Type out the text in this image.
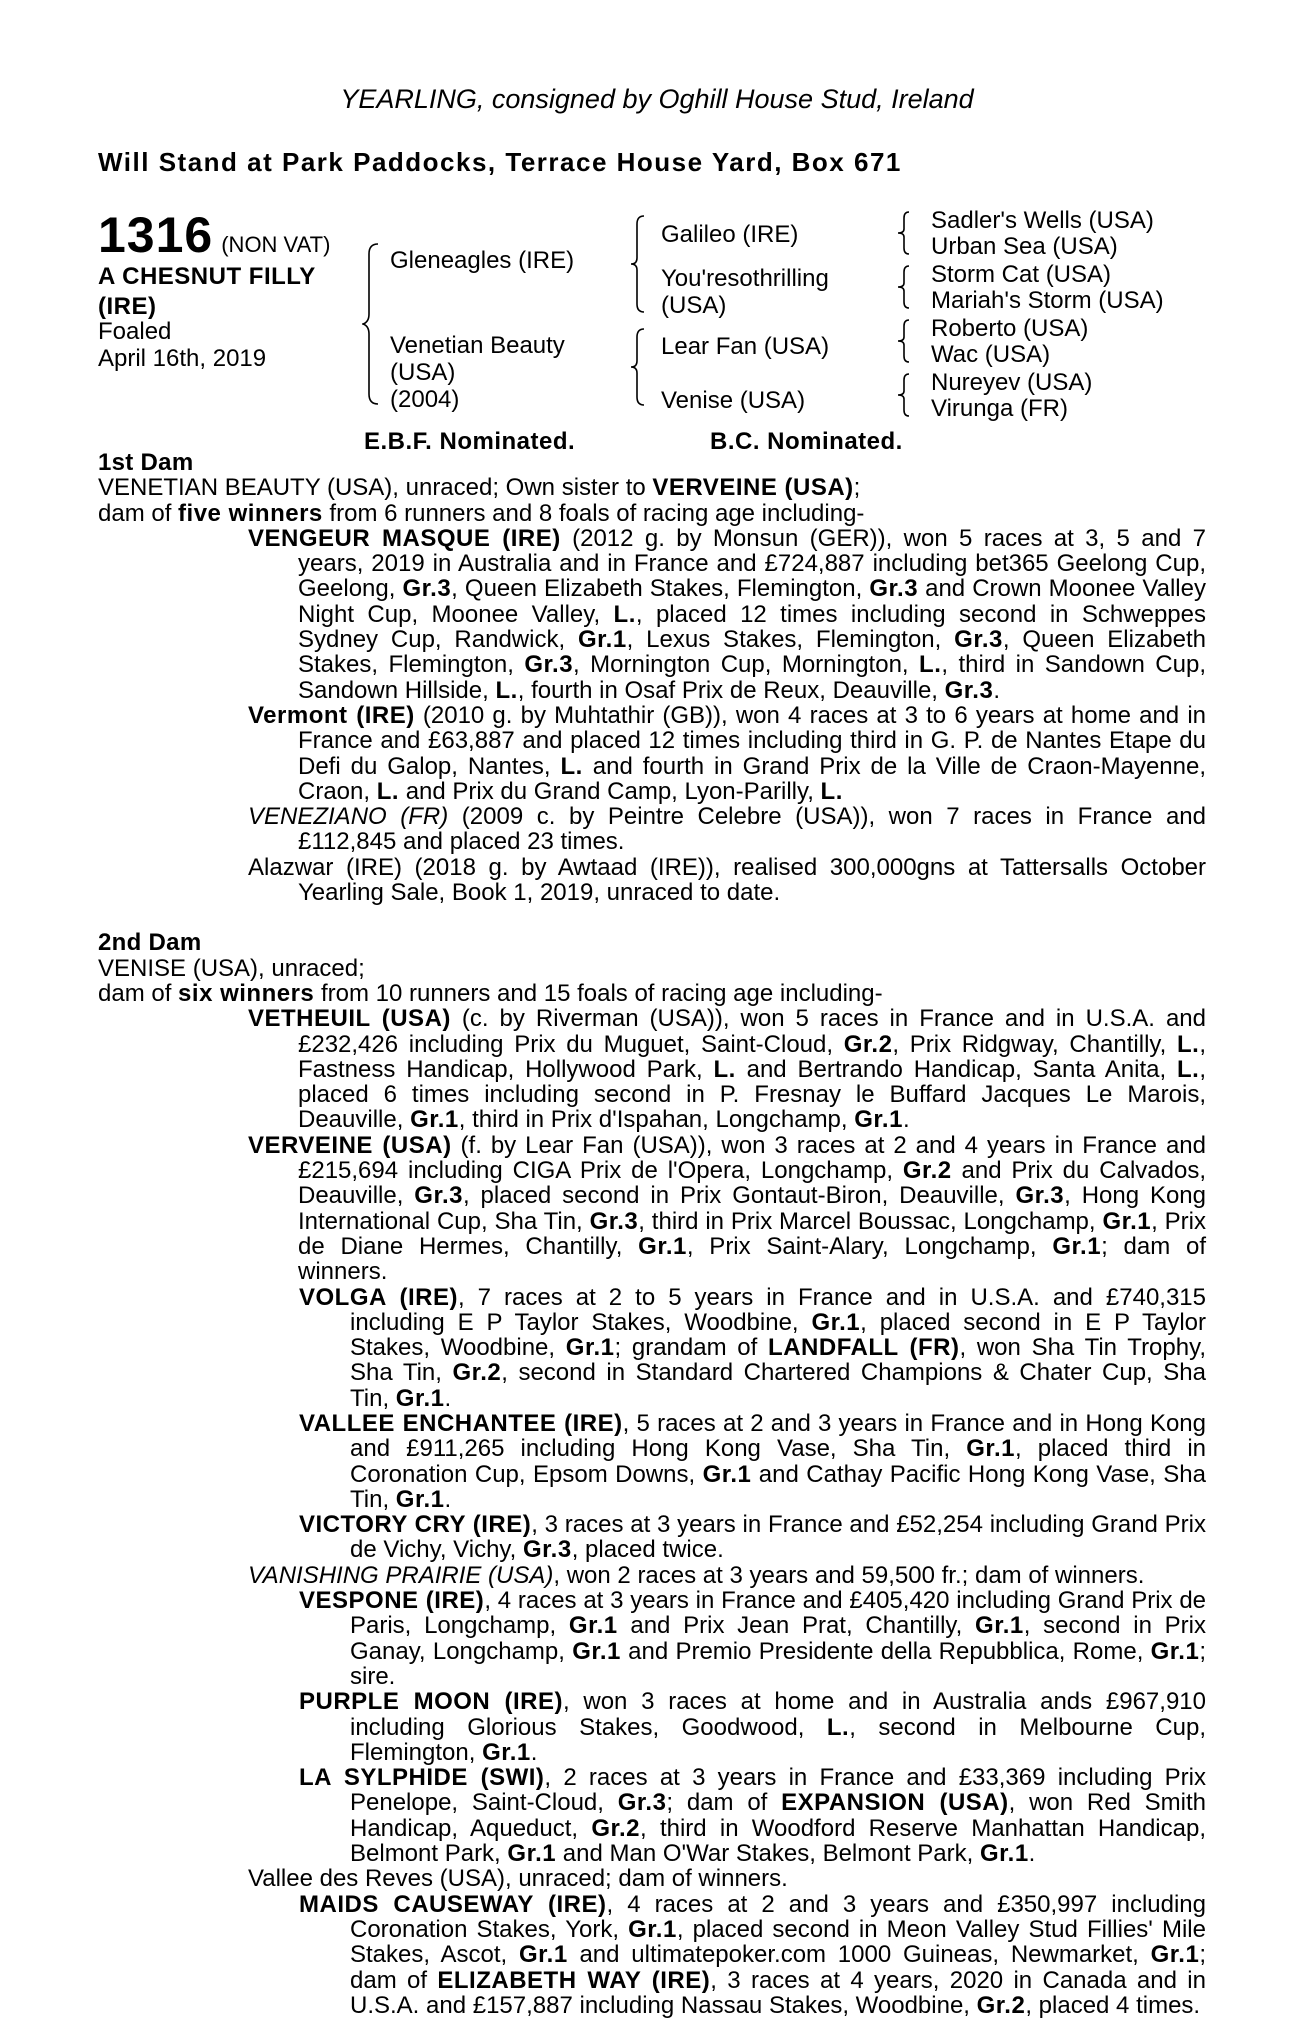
YEARLING, consigned by Oghill House Stud, Ireland
Will Stand at Park Paddocks, Terrace House Yard, Box 671
1316 (NON VAT)
A CHESNUT FILLY
(IRE)
Foaled
April 16th, 2019
Gleneagles (IRE)
Venetian Beauty
(USA)
(2004)
Galileo (IRE)
You'resothrilling
(USA)
Lear Fan (USA)
Venise (USA)
Sadler's Wells (USA)
Urban Sea (USA)
Storm Cat (USA)
Mariah's Storm (USA)
Roberto (USA)
Wac (USA)
Nureyev (USA)
Virunga (FR)
E.B.F. Nominated.	B.C. Nominated.

1st Dam

VENETIAN BEAUTY (USA), unraced; Own sister to VERVEINE (USA);

dam of five winners from 6 runners and 8 foals of racing age including-

VENGEUR MASQUE (IRE) (2012 g. by Monsun (GER)), won 5 races at 3, 5 and 7 years, 2019 in Australia and in France and £724,887 including bet365 Geelong Cup, Geelong, Gr.3, Queen Elizabeth Stakes, Flemington, Gr.3 and Crown Moonee Valley Night Cup, Moonee Valley, L., placed 12 times including second in Schweppes Sydney Cup, Randwick, Gr.1, Lexus Stakes, Flemington, Gr.3, Queen Elizabeth Stakes, Flemington, Gr.3, Mornington Cup, Mornington, L., third in Sandown Cup, Sandown Hillside, L., fourth in Osaf Prix de Reux, Deauville, Gr.3.

Vermont (IRE) (2010 g. by Muhtathir (GB)), won 4 races at 3 to 6 years at home and in France and £63,887 and placed 12 times including third in G. P. de Nantes Etape du Defi du Galop, Nantes, L. and fourth in Grand Prix de la Ville de Craon-Mayenne, Craon, L. and Prix du Grand Camp, Lyon-Parilly, L.

VENEZIANO (FR) (2009 c. by Peintre Celebre (USA)), won 7 races in France and £112,845 and placed 23 times.

Alazwar (IRE) (2018 g. by Awtaad (IRE)), realised 300,000gns at Tattersalls October Yearling Sale, Book 1, 2019, unraced to date.

2nd Dam

VENISE (USA), unraced;

dam of six winners from 10 runners and 15 foals of racing age including-

VETHEUIL (USA) (c. by Riverman (USA)), won 5 races in France and in U.S.A. and £232,426 including Prix du Muguet, Saint-Cloud, Gr.2, Prix Ridgway, Chantilly, L., Fastness Handicap, Hollywood Park, L. and Bertrando Handicap, Santa Anita, L., placed 6 times including second in P. Fresnay le Buffard Jacques Le Marois, Deauville, Gr.1, third in Prix d'Ispahan, Longchamp, Gr.1.

VERVEINE (USA) (f. by Lear Fan (USA)), won 3 races at 2 and 4 years in France and £215,694 including CIGA Prix de l'Opera, Longchamp, Gr.2 and Prix du Calvados, Deauville, Gr.3, placed second in Prix Gontaut-Biron, Deauville, Gr.3, Hong Kong International Cup, Sha Tin, Gr.3, third in Prix Marcel Boussac, Longchamp, Gr.1, Prix de Diane Hermes, Chantilly, Gr.1, Prix Saint-Alary, Longchamp, Gr.1; dam of winners.

VOLGA (IRE), 7 races at 2 to 5 years in France and in U.S.A. and £740,315 including E P Taylor Stakes, Woodbine, Gr.1, placed second in E P Taylor Stakes, Woodbine, Gr.1; grandam of LANDFALL (FR), won Sha Tin Trophy, Sha Tin, Gr.2, second in Standard Chartered Champions & Chater Cup, Sha Tin, Gr.1.

VALLEE ENCHANTEE (IRE), 5 races at 2 and 3 years in France and in Hong Kong and £911,265 including Hong Kong Vase, Sha Tin, Gr.1, placed third in Coronation Cup, Epsom Downs, Gr.1 and Cathay Pacific Hong Kong Vase, Sha Tin, Gr.1.

VICTORY CRY (IRE), 3 races at 3 years in France and £52,254 including Grand Prix de Vichy, Vichy, Gr.3, placed twice.

VANISHING PRAIRIE (USA), won 2 races at 3 years and 59,500 fr.; dam of winners.

VESPONE (IRE), 4 races at 3 years in France and £405,420 including Grand Prix de Paris, Longchamp, Gr.1 and Prix Jean Prat, Chantilly, Gr.1, second in Prix Ganay, Longchamp, Gr.1 and Premio Presidente della Repubblica, Rome, Gr.1; sire.

PURPLE MOON (IRE), won 3 races at home and in Australia ands £967,910 including Glorious Stakes, Goodwood, L., second in Melbourne Cup, Flemington, Gr.1.

LA SYLPHIDE (SWI), 2 races at 3 years in France and £33,369 including Prix Penelope, Saint-Cloud, Gr.3; dam of EXPANSION (USA), won Red Smith Handicap, Aqueduct, Gr.2, third in Woodford Reserve Manhattan Handicap, Belmont Park, Gr.1 and Man O'War Stakes, Belmont Park, Gr.1.

Vallee des Reves (USA), unraced; dam of winners.

MAIDS CAUSEWAY (IRE), 4 races at 2 and 3 years and £350,997 including Coronation Stakes, York, Gr.1, placed second in Meon Valley Stud Fillies' Mile Stakes, Ascot, Gr.1 and ultimatepoker.com 1000 Guineas, Newmarket, Gr.1; dam of ELIZABETH WAY (IRE), 3 races at 4 years, 2020 in Canada and in U.S.A. and £157,887 including Nassau Stakes, Woodbine, Gr.2, placed 4 times.
